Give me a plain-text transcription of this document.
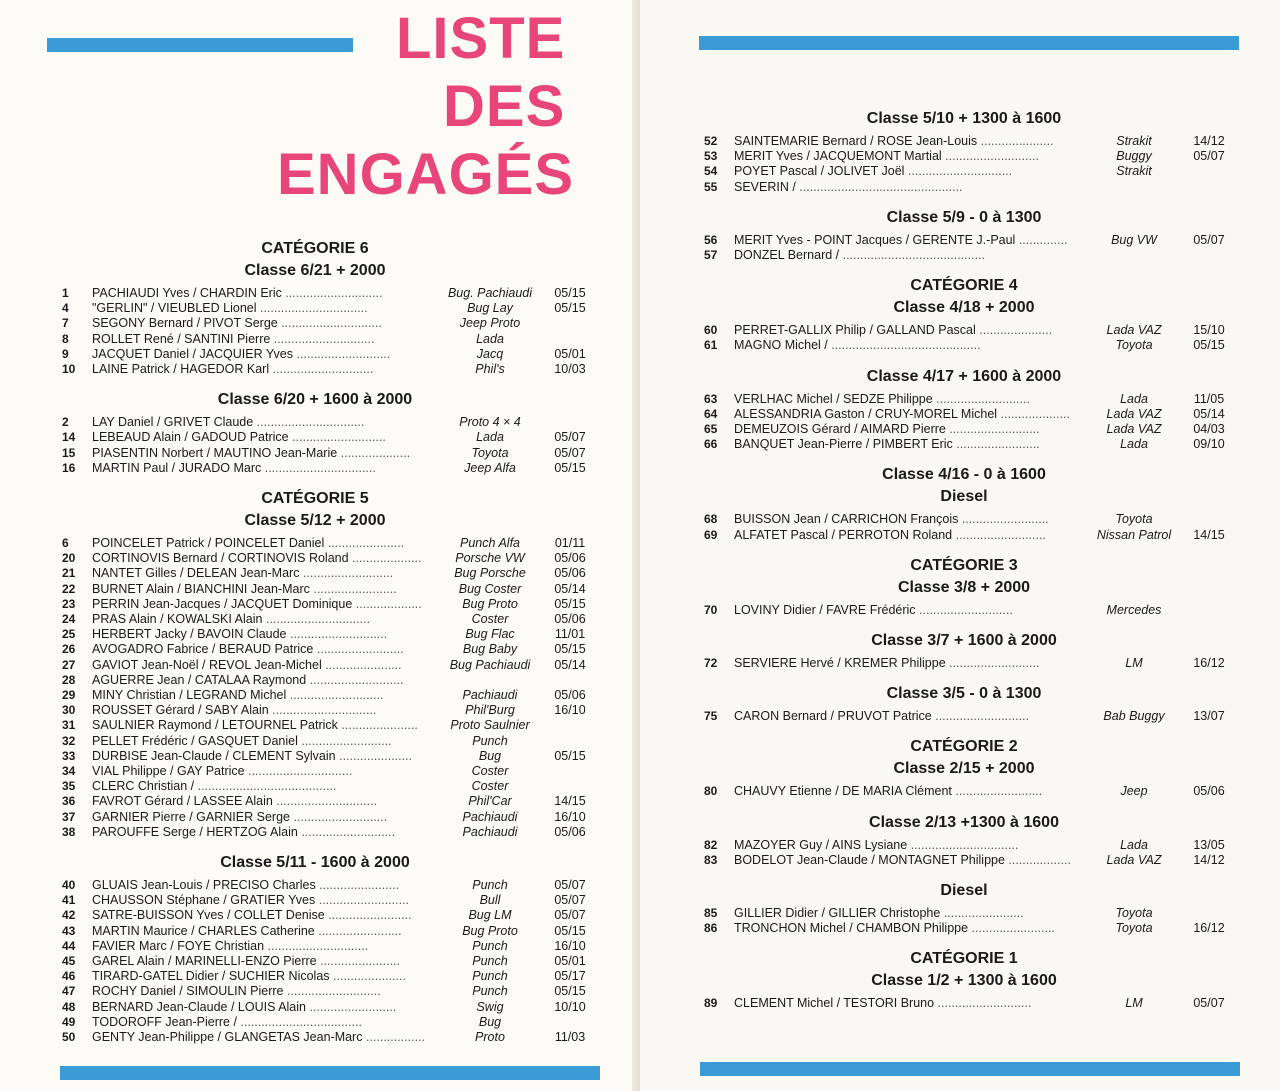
LISTE
DES
ENGAGÉS
CATÉGORIE 6
Classe 6/21 + 2000
1	PACHIAUDI Yves / CHARDIN Eric ............................	Bug. Pachiaudi	05/15
4	"GERLIN" / VIEUBLED Lionel ...............................	Bug Lay	05/15
7	SEGONY Bernard / PIVOT Serge .............................	Jeep Proto
8	ROLLET René / SANTINI Pierre .............................	Lada
9	JACQUET Daniel / JACQUIER Yves ...........................	Jacq	05/01
10	LAINE Patrick / HAGEDOR Karl .............................	Phil's	10/03
Classe 6/20 + 1600 à 2000
2	LAY Daniel / GRIVET Claude ...............................	Proto 4 × 4
14	LEBEAUD Alain / GADOUD Patrice ...........................	Lada	05/07
15	PIASENTIN Norbert / MAUTINO Jean-Marie ....................	Toyota	05/07
16	MARTIN Paul / JURADO Marc ................................	Jeep Alfa	05/15
CATÉGORIE 5
Classe 5/12 + 2000
6	POINCELET Patrick / POINCELET Daniel ......................	Punch Alfa	01/11
20	CORTINOVIS Bernard / CORTINOVIS Roland ....................	Porsche VW	05/06
21	NANTET Gilles / DELEAN Jean-Marc ..........................	Bug Porsche	05/06
22	BURNET Alain / BIANCHINI Jean-Marc ........................	Bug Coster	05/14
23	PERRIN Jean-Jacques / JACQUET Dominique ...................	Bug Proto	05/15
24	PRAS Alain / KOWALSKI Alain ..............................	Coster	05/06
25	HERBERT Jacky / BAVOIN Claude ............................	Bug Flac	11/01
26	AVOGADRO Fabrice / BERAUD Patrice .........................	Bug Baby	05/15
27	GAVIOT Jean-Noël / REVOL Jean-Michel ......................	Bug Pachiaudi	05/14
28	AGUERRE Jean / CATALAA Raymond ...........................
29	MINY Christian / LEGRAND Michel ...........................	Pachiaudi	05/06
30	ROUSSET Gérard / SABY Alain ..............................	Phil'Burg	16/10
31	SAULNIER Raymond / LETOURNEL Patrick ......................	Proto Saulnier
32	PELLET Frédéric / GASQUET Daniel ..........................	Punch
33	DURBISE Jean-Claude / CLEMENT Sylvain .....................	Bug	05/15
34	VIAL Philippe / GAY Patrice ..............................	Coster
35	CLERC Christian / ........................................	Coster
36	FAVROT Gérard / LASSEE Alain .............................	Phil'Car	14/15
37	GARNIER Pierre / GARNIER Serge ...........................	Pachiaudi	16/10
38	PAROUFFE Serge / HERTZOG Alain ...........................	Pachiaudi	05/06
Classe 5/11 - 1600 à 2000
40	GLUAIS Jean-Louis / PRECISO Charles .......................	Punch	05/07
41	CHAUSSON Stéphane / GRATIER Yves ..........................	Bull	05/07
42	SATRE-BUISSON Yves / COLLET Denise ........................	Bug LM	05/07
43	MARTIN Maurice / CHARLES Catherine ........................	Bug Proto	05/15
44	FAVIER Marc / FOYE Christian .............................	Punch	16/10
45	GAREL Alain / MARINELLI-ENZO Pierre .......................	Punch	05/01
46	TIRARD-GATEL Didier / SUCHIER Nicolas .....................	Punch	05/17
47	ROCHY Daniel / SIMOULIN Pierre ...........................	Punch	05/15
48	BERNARD Jean-Claude / LOUIS Alain .........................	Swig	10/10
49	TODOROFF Jean-Pierre / ...................................	Bug
50	GENTY Jean-Philippe / GLANGETAS Jean-Marc .................	Proto	11/03
Classe 5/10 + 1300 à 1600
52	SAINTEMARIE Bernard / ROSE Jean-Louis .....................	Strakit	14/12
53	MERIT Yves / JACQUEMONT Martial ...........................	Buggy	05/07
54	POYET Pascal / JOLIVET Joël ..............................	Strakit
55	SEVERIN / ...............................................
Classe 5/9 - 0 à 1300
56	MERIT Yves - POINT Jacques / GERENTE J.-Paul ..............	Bug VW	05/07
57	DONZEL Bernard / .........................................
CATÉGORIE 4
Classe 4/18 + 2000
60	PERRET-GALLIX Philip / GALLAND Pascal .....................	Lada VAZ	15/10
61	MAGNO Michel / ...........................................	Toyota	05/15
Classe 4/17 + 1600 à 2000
63	VERLHAC Michel / SEDZE Philippe ...........................	Lada	11/05
64	ALESSANDRIA Gaston / CRUY-MOREL Michel ....................	Lada VAZ	05/14
65	DEMEUZOIS Gérard / AIMARD Pierre ..........................	Lada VAZ	04/03
66	BANQUET Jean-Pierre / PIMBERT Eric ........................	Lada	09/10
Classe 4/16 - 0 à 1600
Diesel
68	BUISSON Jean / CARRICHON François .........................	Toyota
69	ALFATET Pascal / PERROTON Roland ..........................	Nissan Patrol	14/15
CATÉGORIE 3
Classe 3/8 + 2000
70	LOVINY Didier / FAVRE Frédéric ...........................	Mercedes
Classe 3/7 + 1600 à 2000
72	SERVIERE Hervé / KREMER Philippe ..........................	LM	16/12
Classe 3/5 - 0 à 1300
75	CARON Bernard / PRUVOT Patrice ...........................	Bab Buggy	13/07
CATÉGORIE 2
Classe 2/15 + 2000
80	CHAUVY Etienne / DE MARIA Clément .........................	Jeep	05/06
Classe 2/13 +1300 à 1600
82	MAZOYER Guy / AINS Lysiane ...............................	Lada	13/05
83	BODELOT Jean-Claude / MONTAGNET Philippe ..................	Lada VAZ	14/12
Diesel
85	GILLIER Didier / GILLIER Christophe .......................	Toyota
86	TRONCHON Michel / CHAMBON Philippe ........................	Toyota	16/12
CATÉGORIE 1
Classe 1/2 + 1300 à 1600
89	CLEMENT Michel / TESTORI Bruno ...........................	LM	05/07
